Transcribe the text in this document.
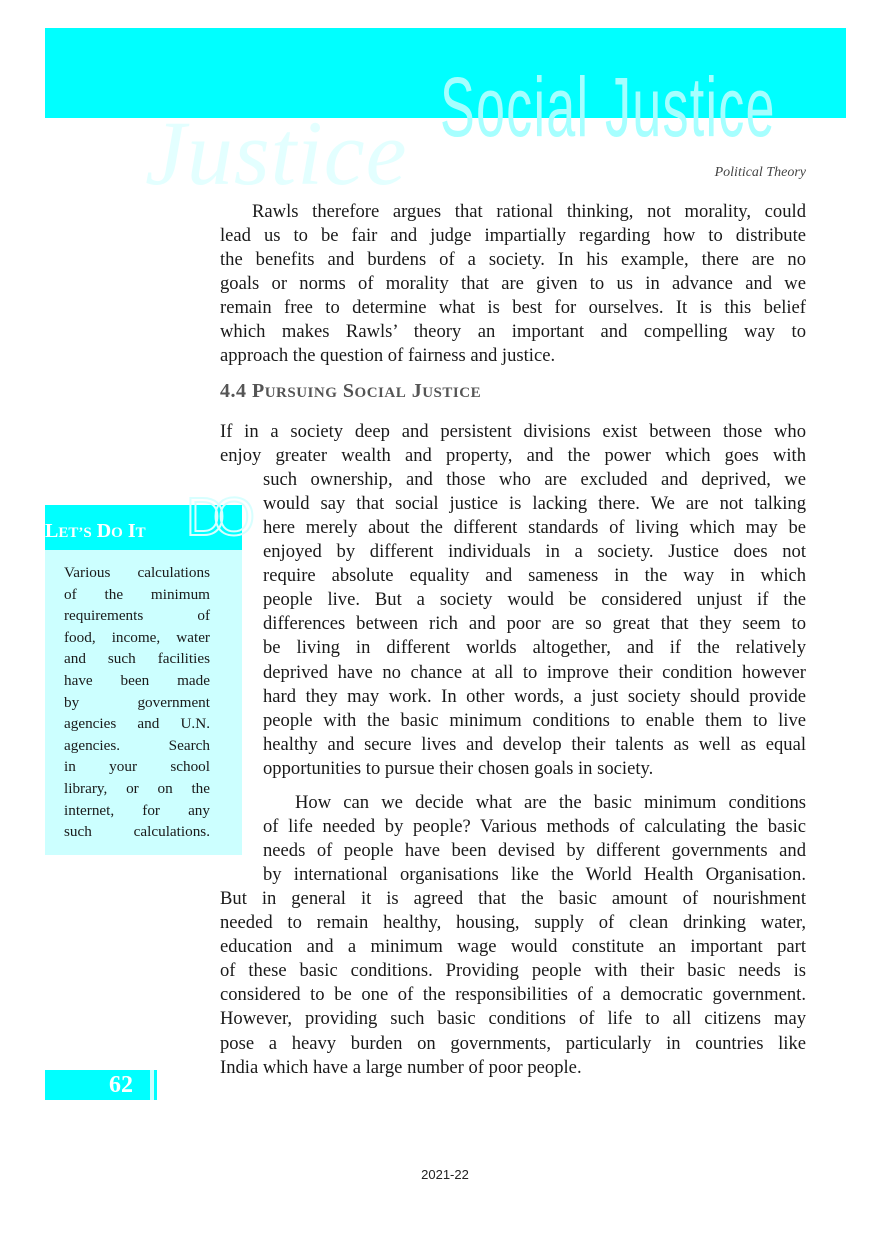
Justice Social Justice
Political Theory
Rawls therefore argues that rational thinking, not morality, could
lead us to be fair and judge impartially regarding how to distribute
the benefits and burdens of a society. In his example, there are no
goals or norms of morality that are given to us in advance and we
remain free to determine what is best for ourselves. It is this belief
which makes Rawls’ theory an important and compelling way to
approach the question of fairness and justice.
If in a society deep and persistent divisions exist between those who
enjoy greater wealth and property, and the power which goes with
such ownership, and those who are excluded and deprived, we
would say that social justice is lacking there. We are not talking
here merely about the different standards of living which may be
enjoyed by different individuals in a society. Justice does not
require absolute equality and sameness in the way in which
people live. But a society would be considered unjust if the
differences between rich and poor are so great that they seem to
be living in different worlds altogether, and if the relatively
deprived have no chance at all to improve their condition however
hard they may work. In other words, a just society should provide
people with the basic minimum conditions to enable them to live
healthy and secure lives and develop their talents as well as equal
opportunities to pursue their chosen goals in society.
How can we decide what are the basic minimum conditions
of life needed by people? Various methods of calculating the basic
needs of people have been devised by different governments and
by international organisations like the World Health Organisation.
But in general it is agreed that the basic amount of nourishment
needed to remain healthy, housing, supply of clean drinking water,
education and a minimum wage would constitute an important part
of these basic conditions. Providing people with their basic needs is
considered to be one of the responsibilities of a democratic government.
However, providing such basic conditions of life to all citizens may
pose a heavy burden on governments, particularly in countries like
India which have a large number of poor people.
4.4 PURSUING SOCIAL JUSTICE
DO
LET’S DO IT
Various calculations
of the minimum
requirements of
food, income, water
and such facilities
have been made
by government
agencies and U.N.
agencies. Search
in your school
library, or on the
internet, for any
such calculations.
62
2021-22
